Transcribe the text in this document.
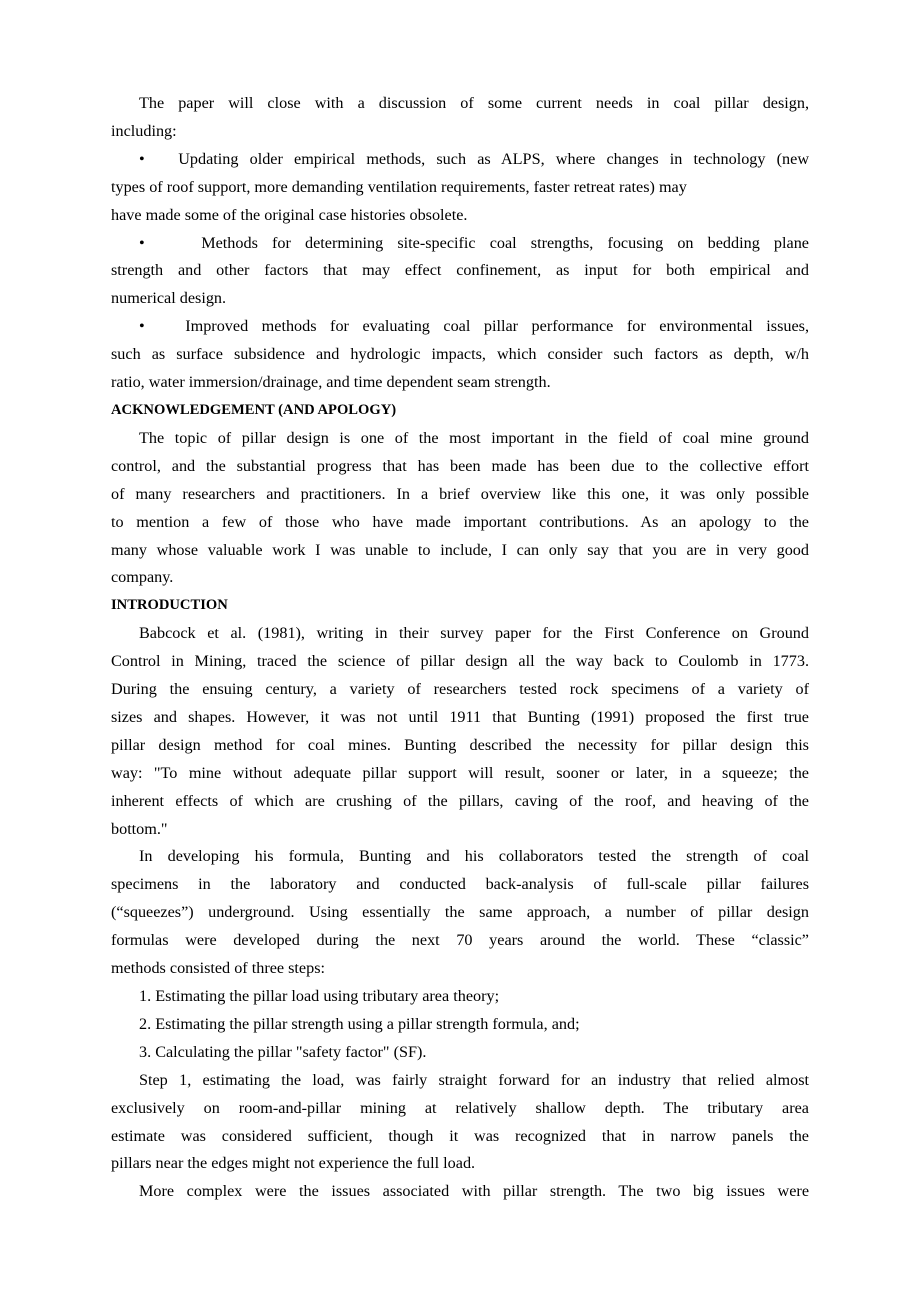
The paper will close with a discussion of some current needs in coal pillar design,

including:

• Updating older empirical methods, such as ALPS, where changes in technology (new

types of roof support, more demanding ventilation requirements, faster retreat rates) may

have made some of the original case histories obsolete.

•	Methods for determining site-specific coal strengths, focusing on bedding plane

strength and other factors that may effect confinement, as input for both empirical and

numerical design.

•	Improved methods for evaluating coal pillar performance for environmental issues,

such as surface subsidence and hydrologic impacts, which consider such factors as depth, w/h

ratio, water immersion/drainage, and time dependent seam strength.

ACKNOWLEDGEMENT (AND APOLOGY)

The topic of pillar design is one of the most important in the field of coal mine ground

control, and the substantial progress that has been made has been due to the collective effort

of many researchers and practitioners. In a brief overview like this one, it was only possible

to mention a few of those who have made important contributions. As an apology to the

many whose valuable work I was unable to include, I can only say that you are in very good

company.

INTRODUCTION

Babcock et al. (1981), writing in their survey paper for the First Conference on Ground

Control in Mining, traced the science of pillar design all the way back to Coulomb in 1773.

During the ensuing century, a variety of researchers tested rock specimens of a variety of

sizes and shapes. However, it was not until 1911 that Bunting (1991) proposed the first true

pillar design method for coal mines. Bunting described the necessity for pillar design this

way: "To mine without adequate pillar support will result, sooner or later, in a squeeze; the

inherent effects of which are crushing of the pillars, caving of the roof, and heaving of the

bottom."

In developing his formula, Bunting and his collaborators tested the strength of coal

specimens in the laboratory and conducted back-analysis of full-scale pillar failures

(“squeezes”) underground. Using essentially the same approach, a number of pillar design

formulas were developed during the next 70 years around the world. These “classic”

methods consisted of three steps:

1. Estimating the pillar load using tributary area theory;

2. Estimating the pillar strength using a pillar strength formula, and;

3. Calculating the pillar "safety factor" (SF).

Step 1, estimating the load, was fairly straight forward for an industry that relied almost

exclusively on room-and-pillar mining at relatively shallow depth. The tributary area

estimate was considered sufficient, though it was recognized that in narrow panels the

pillars near the edges might not experience the full load.

More complex were the issues associated with pillar strength. The two big issues were
